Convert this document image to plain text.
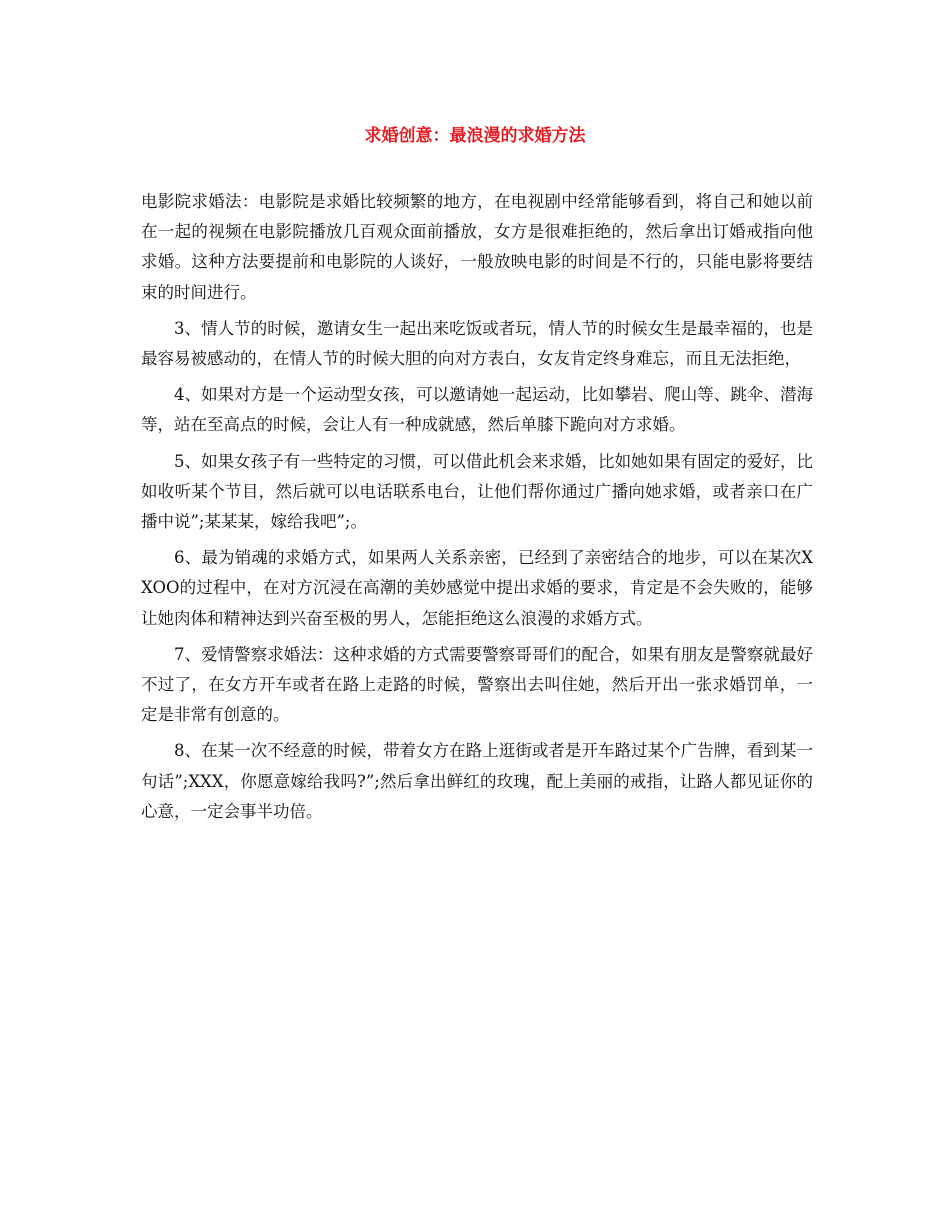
求婚创意：最浪漫的求婚方法

电影院求婚法：电影院是求婚比较频繁的地方，在电视剧中经常能够看到，将自己和她以前在一起的视频在电影院播放几百观众面前播放，女方是很难拒绝的，然后拿出订婚戒指向他求婚。这种方法要提前和电影院的人谈好，一般放映电影的时间是不行的，只能电影将要结束的时间进行。

3、情人节的时候，邀请女生一起出来吃饭或者玩，情人节的时候女生是最幸福的，也是最容易被感动的，在情人节的时候大胆的向对方表白，女友肯定终身难忘，而且无法拒绝，

4、如果对方是一个运动型女孩，可以邀请她一起运动，比如攀岩、爬山等、跳伞、潜海等，站在至高点的时候，会让人有一种成就感，然后单膝下跪向对方求婚。

5、如果女孩子有一些特定的习惯，可以借此机会来求婚，比如她如果有固定的爱好，比如收听某个节目，然后就可以电话联系电台，让他们帮你通过广播向她求婚，或者亲口在广播中说”;某某某，嫁给我吧”;。

6、最为销魂的求婚方式，如果两人关系亲密，已经到了亲密结合的地步，可以在某次XXOO的过程中，在对方沉浸在高潮的美妙感觉中提出求婚的要求，肯定是不会失败的，能够让她肉体和精神达到兴奋至极的男人，怎能拒绝这么浪漫的求婚方式。

7、爱情警察求婚法：这种求婚的方式需要警察哥哥们的配合，如果有朋友是警察就最好不过了，在女方开车或者在路上走路的时候，警察出去叫住她，然后开出一张求婚罚单，一定是非常有创意的。

8、在某一次不经意的时候，带着女方在路上逛街或者是开车路过某个广告牌，看到某一句话”;XXX，你愿意嫁给我吗?”;然后拿出鲜红的玫瑰，配上美丽的戒指，让路人都见证你的心意，一定会事半功倍。
